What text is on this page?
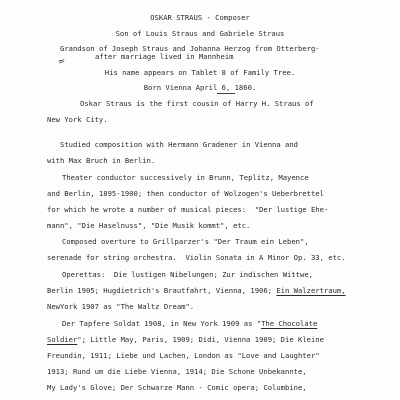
OSKAR STRAUS - Composer
Son of Louis Straus and Gabriele Straus
Grandson of Joseph Straus and Johanna Herzog from Otterberg-
≈	after marriage lived in Mannheim
His name appears on Tablet 8 of Family Tree.
Born Vienna April 6, 1860.
Oskar Straus is the first cousin of Harry H. Straus of
New York City.
Studied composition with Hermann Gradener in Vienna and
with Max Bruch in Berlin.
Theater conductor successively in Brunn, Teplitz, Mayence
and Berlin, 1895-1900; then conductor of Wolzogen's Ueberbrettel
for which he wrote a number of musical pieces:  "Der lustige Ehe-
mann", "Die Haselnuss", "Die Musik kommt", etc.
Composed overture to Grillparzer's "Der Traum ein Leben",
serenade for string orchestra.  Violin Sonata in A Minor Op. 33, etc.
Operettas:  Die lustigen Nibelungen; Zur indischen Wittwe,
Berlin 1905; Hugdietrich's Brautfahrt, Vienna, 1906; Ein Walzertraum,
NewYork 1907 as "The Waltz Dream".
Der Tapfere Soldat 1908, in New York 1909 as "The Chocolate
Soldier"; Little May, Paris, 1909; Didi, Vienna 1909; Die Kleine
Freundin, 1911; Liebe und Lachen, London as "Love and Laughter"
1913; Rund um die Liebe Vienna, 1914; Die Schone Unbekannte,
My Lady's Glove; Der Schwarze Mann - Comic opera; Columbine,
